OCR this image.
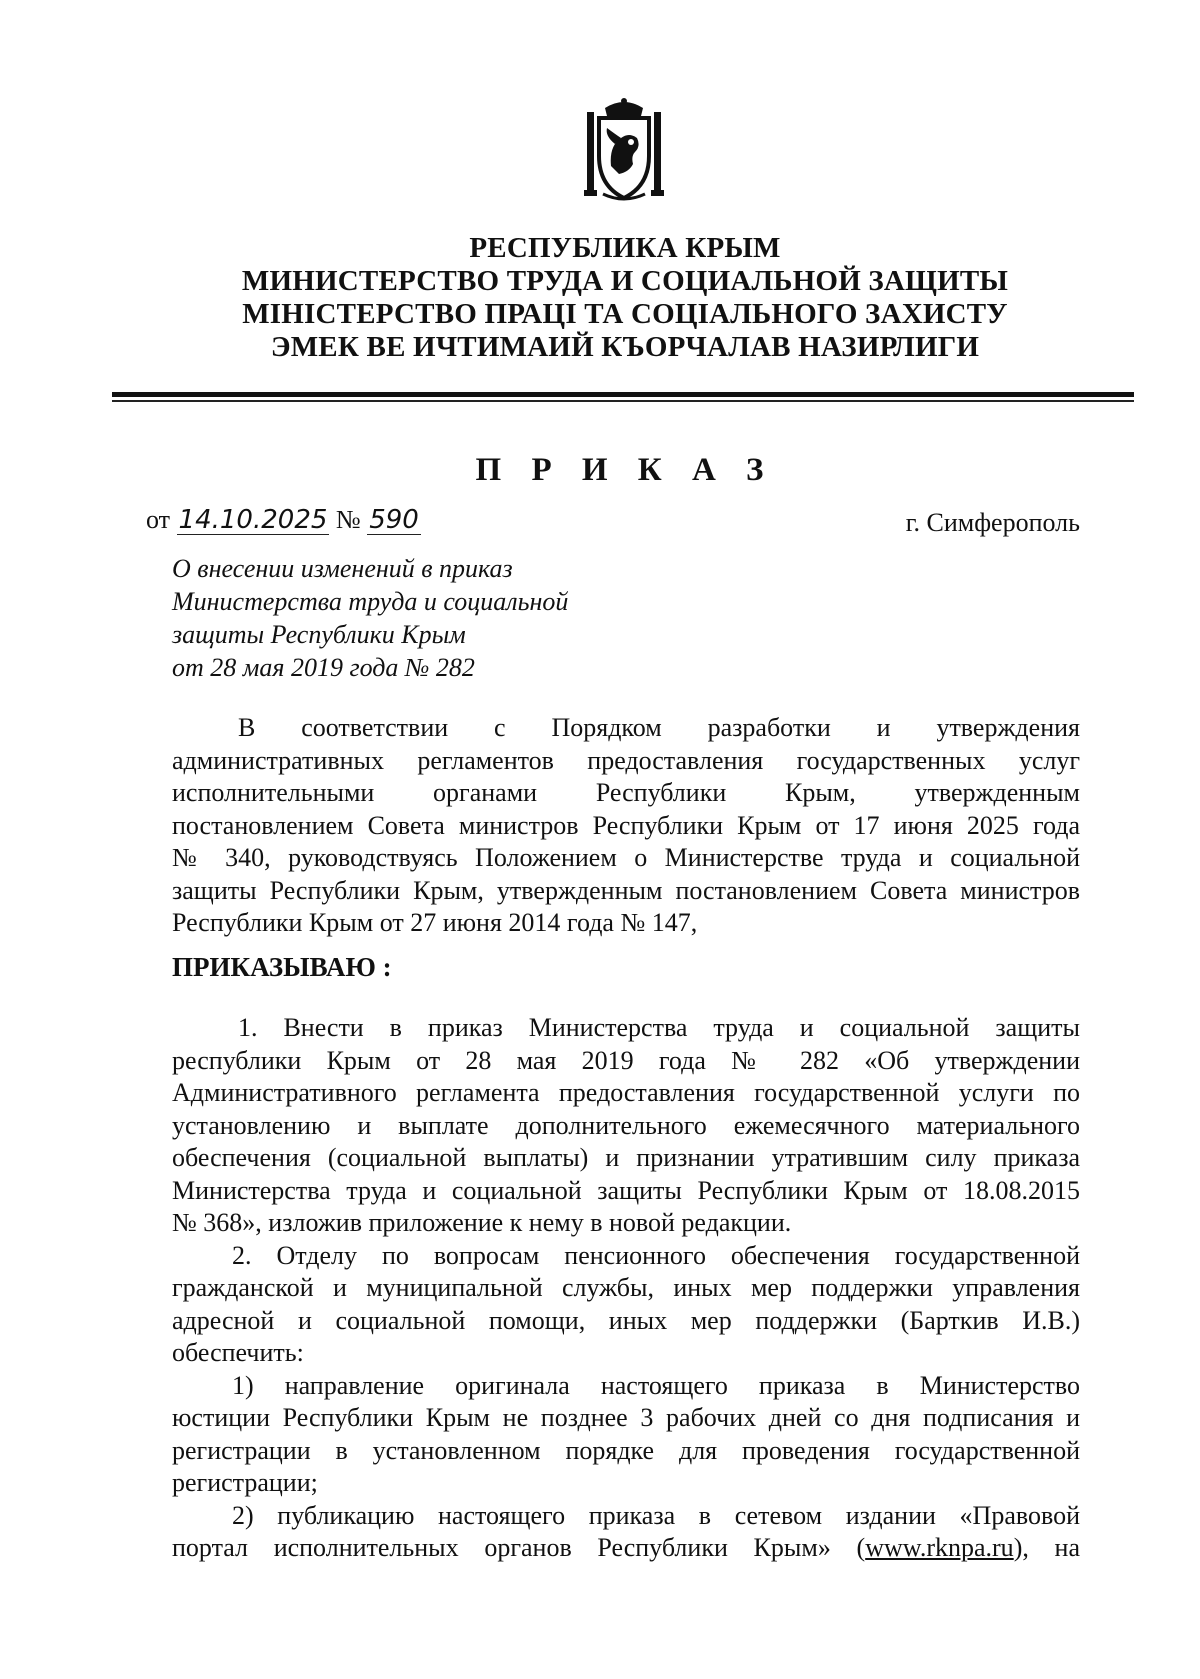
РЕСПУБЛИКА КРЫМ
МИНИСТЕРСТВО ТРУДА И СОЦИАЛЬНОЙ ЗАЩИТЫ
МІНІСТЕРСТВО ПРАЦІ ТА СОЦІАЛЬНОГО ЗАХИСТУ
ЭМЕК ВЕ ИЧТИМАИЙ КЪОРЧАЛАВ НАЗИРЛИГИ
П Р И К А З
от 14.10.2025 № 590	г. Симферополь
О внесении изменений в приказ
Министерства труда и социальной
защиты Республики Крым
от 28 мая 2019 года № 282
В соответствии с Порядком разработки и утверждения
административных регламентов предоставления государственных услуг
исполнительными органами Республики Крым, утвержденным
постановлением Совета министров Республики Крым от 17 июня 2025 года
№ 340, руководствуясь Положением о Министерстве труда и социальной
защиты Республики Крым, утвержденным постановлением Совета министров
Республики Крым от 27 июня 2014 года № 147,
ПРИКАЗЫВАЮ :
1. Внести в приказ Министерства труда и социальной защиты
республики Крым от 28 мая 2019 года № 282 «Об утверждении
Административного регламента предоставления государственной услуги по
установлению и выплате дополнительного ежемесячного материального
обеспечения (социальной выплаты) и признании утратившим силу приказа
Министерства труда и социальной защиты Республики Крым от 18.08.2015
№ 368», изложив приложение к нему в новой редакции.
2. Отделу по вопросам пенсионного обеспечения государственной
гражданской и муниципальной службы, иных мер поддержки управления
адресной и социальной помощи, иных мер поддержки (Барткив И.В.)
обеспечить:
1) направление оригинала настоящего приказа в Министерство
юстиции Республики Крым не позднее 3 рабочих дней со дня подписания и
регистрации в установленном порядке для проведения государственной
регистрации;
2) публикацию настоящего приказа в сетевом издании «Правовой
портал исполнительных органов Республики Крым» (www.rknpa.ru), на
